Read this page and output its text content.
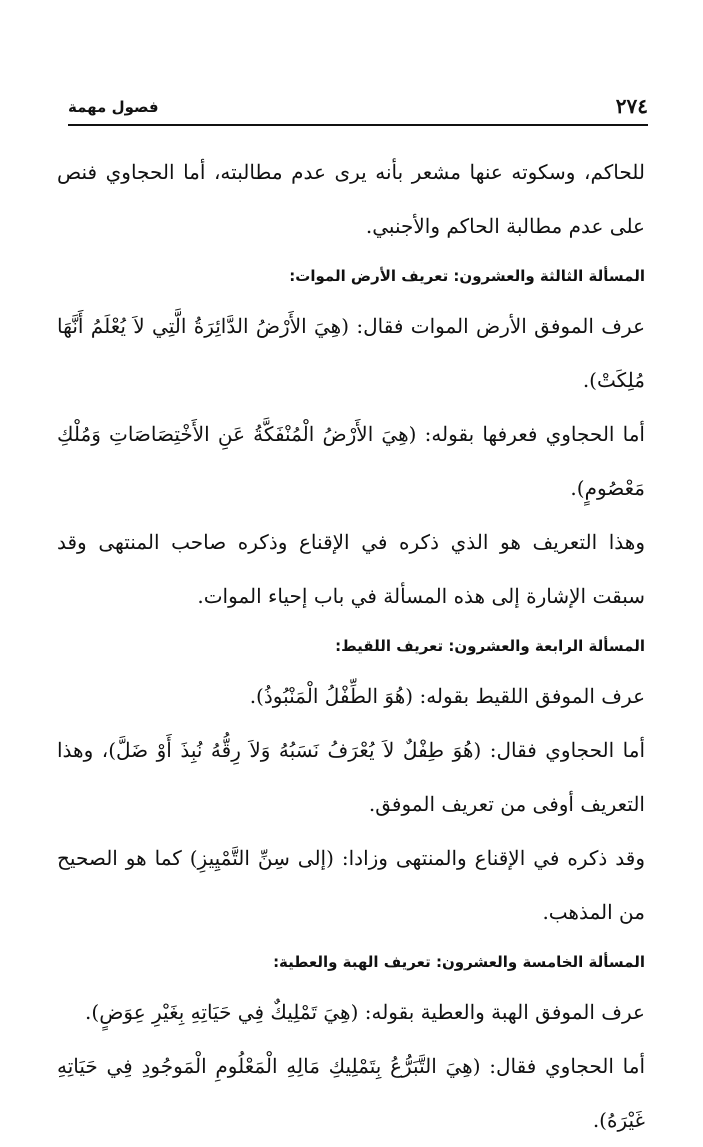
٢٧٤
فصول مهمة

للحاكم، وسكوته عنها مشعر بأنه يرى عدم مطالبته، أما الحجاوي فنص على عدم مطالبة الحاكم والأجنبي.

المسألة الثالثة والعشرون: تعريف الأرض الموات:

عرف الموفق الأرض الموات فقال: (هِيَ الأَرْضُ الدَّائِرَةُ الَّتِي لاَ يُعْلَمُ أَنَّهَا مُلِكَتْ).

أما الحجاوي فعرفها بقوله: (هِيَ الأَرْضُ الْمُنْفَكَّةُ عَنِ الأَخْتِصَاصَاتِ وَمُلْكِ مَعْصُومٍ).

وهذا التعريف هو الذي ذكره في الإقناع وذكره صاحب المنتهى وقد سبقت الإشارة إلى هذه المسألة في باب إحياء الموات.

المسألة الرابعة والعشرون: تعريف اللقيط:

عرف الموفق اللقيط بقوله: (هُوَ الطِّفْلُ الْمَنْبُوذُ).

أما الحجاوي فقال: (هُوَ طِفْلٌ لاَ يُعْرَفُ نَسَبُهُ وَلاَ رِقُّهُ نُبِذَ أَوْ ضَلَّ)، وهذا التعريف أوفى من تعريف الموفق.

وقد ذكره في الإقناع والمنتهى وزادا: (إلى سِنِّ التَّمْيِيزِ) كما هو الصحيح من المذهب.

المسألة الخامسة والعشرون: تعريف الهبة والعطية:

عرف الموفق الهبة والعطية بقوله: (هِيَ تَمْلِيكٌ فِي حَيَاتِهِ بِغَيْرِ عِوَضٍ).

أما الحجاوي فقال: (هِيَ التَّبَرُّعُ بِتَمْلِيكِ مَالِهِ الْمَعْلُومِ الْمَوجُودِ فِي حَيَاتِهِ غَيْرَهُ).
